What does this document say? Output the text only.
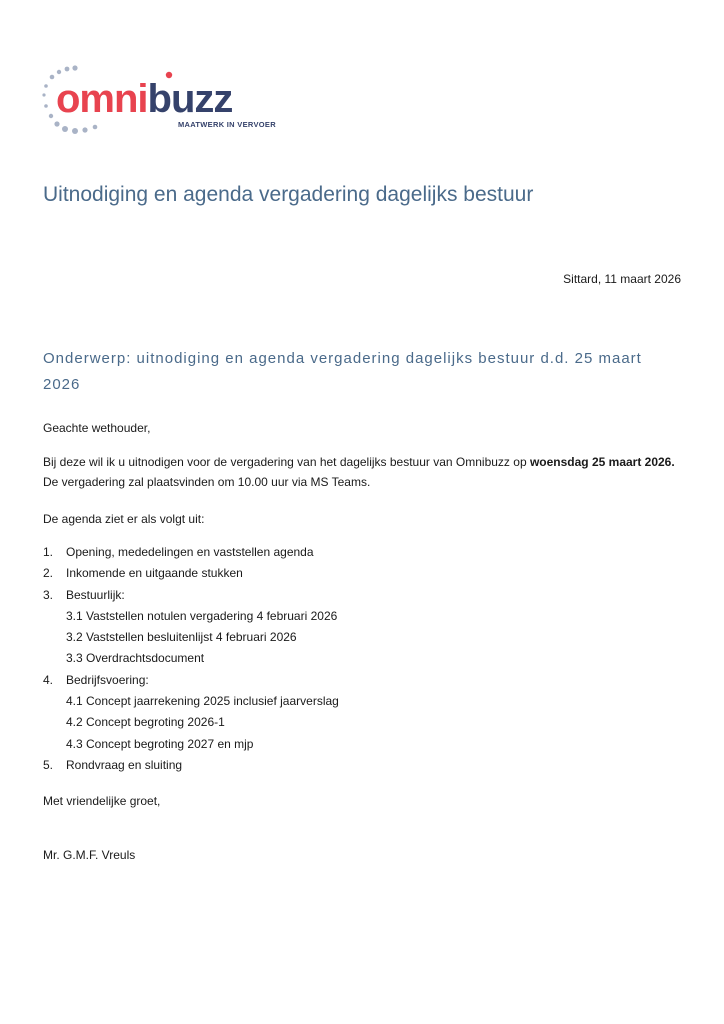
omnibuzz
MAATWERK IN VERVOER
Uitnodiging en agenda vergadering dagelijks bestuur
Sittard, 11 maart 2026
Onderwerp: uitnodiging en agenda vergadering dagelijks bestuur d.d. 25 maart 2026

Geachte wethouder,

Bij deze wil ik u uitnodigen voor de vergadering van het dagelijks bestuur van Omnibuzz op woensdag 25 maart 2026. De vergadering zal plaatsvinden om 10.00 uur via MS Teams.

De agenda ziet er als volgt uit:

1. Opening, mededelingen en vaststellen agenda
2. Inkomende en uitgaande stukken
3. Bestuurlijk:
3.1 Vaststellen notulen vergadering 4 februari 2026
3.2 Vaststellen besluitenlijst 4 februari 2026
3.3 Overdrachtsdocument
4. Bedrijfsvoering:
4.1 Concept jaarrekening 2025 inclusief jaarverslag
4.2 Concept begroting 2026-1
4.3 Concept begroting 2027 en mjp
5. Rondvraag en sluiting

Met vriendelijke groet,

Mr. G.M.F. Vreuls
